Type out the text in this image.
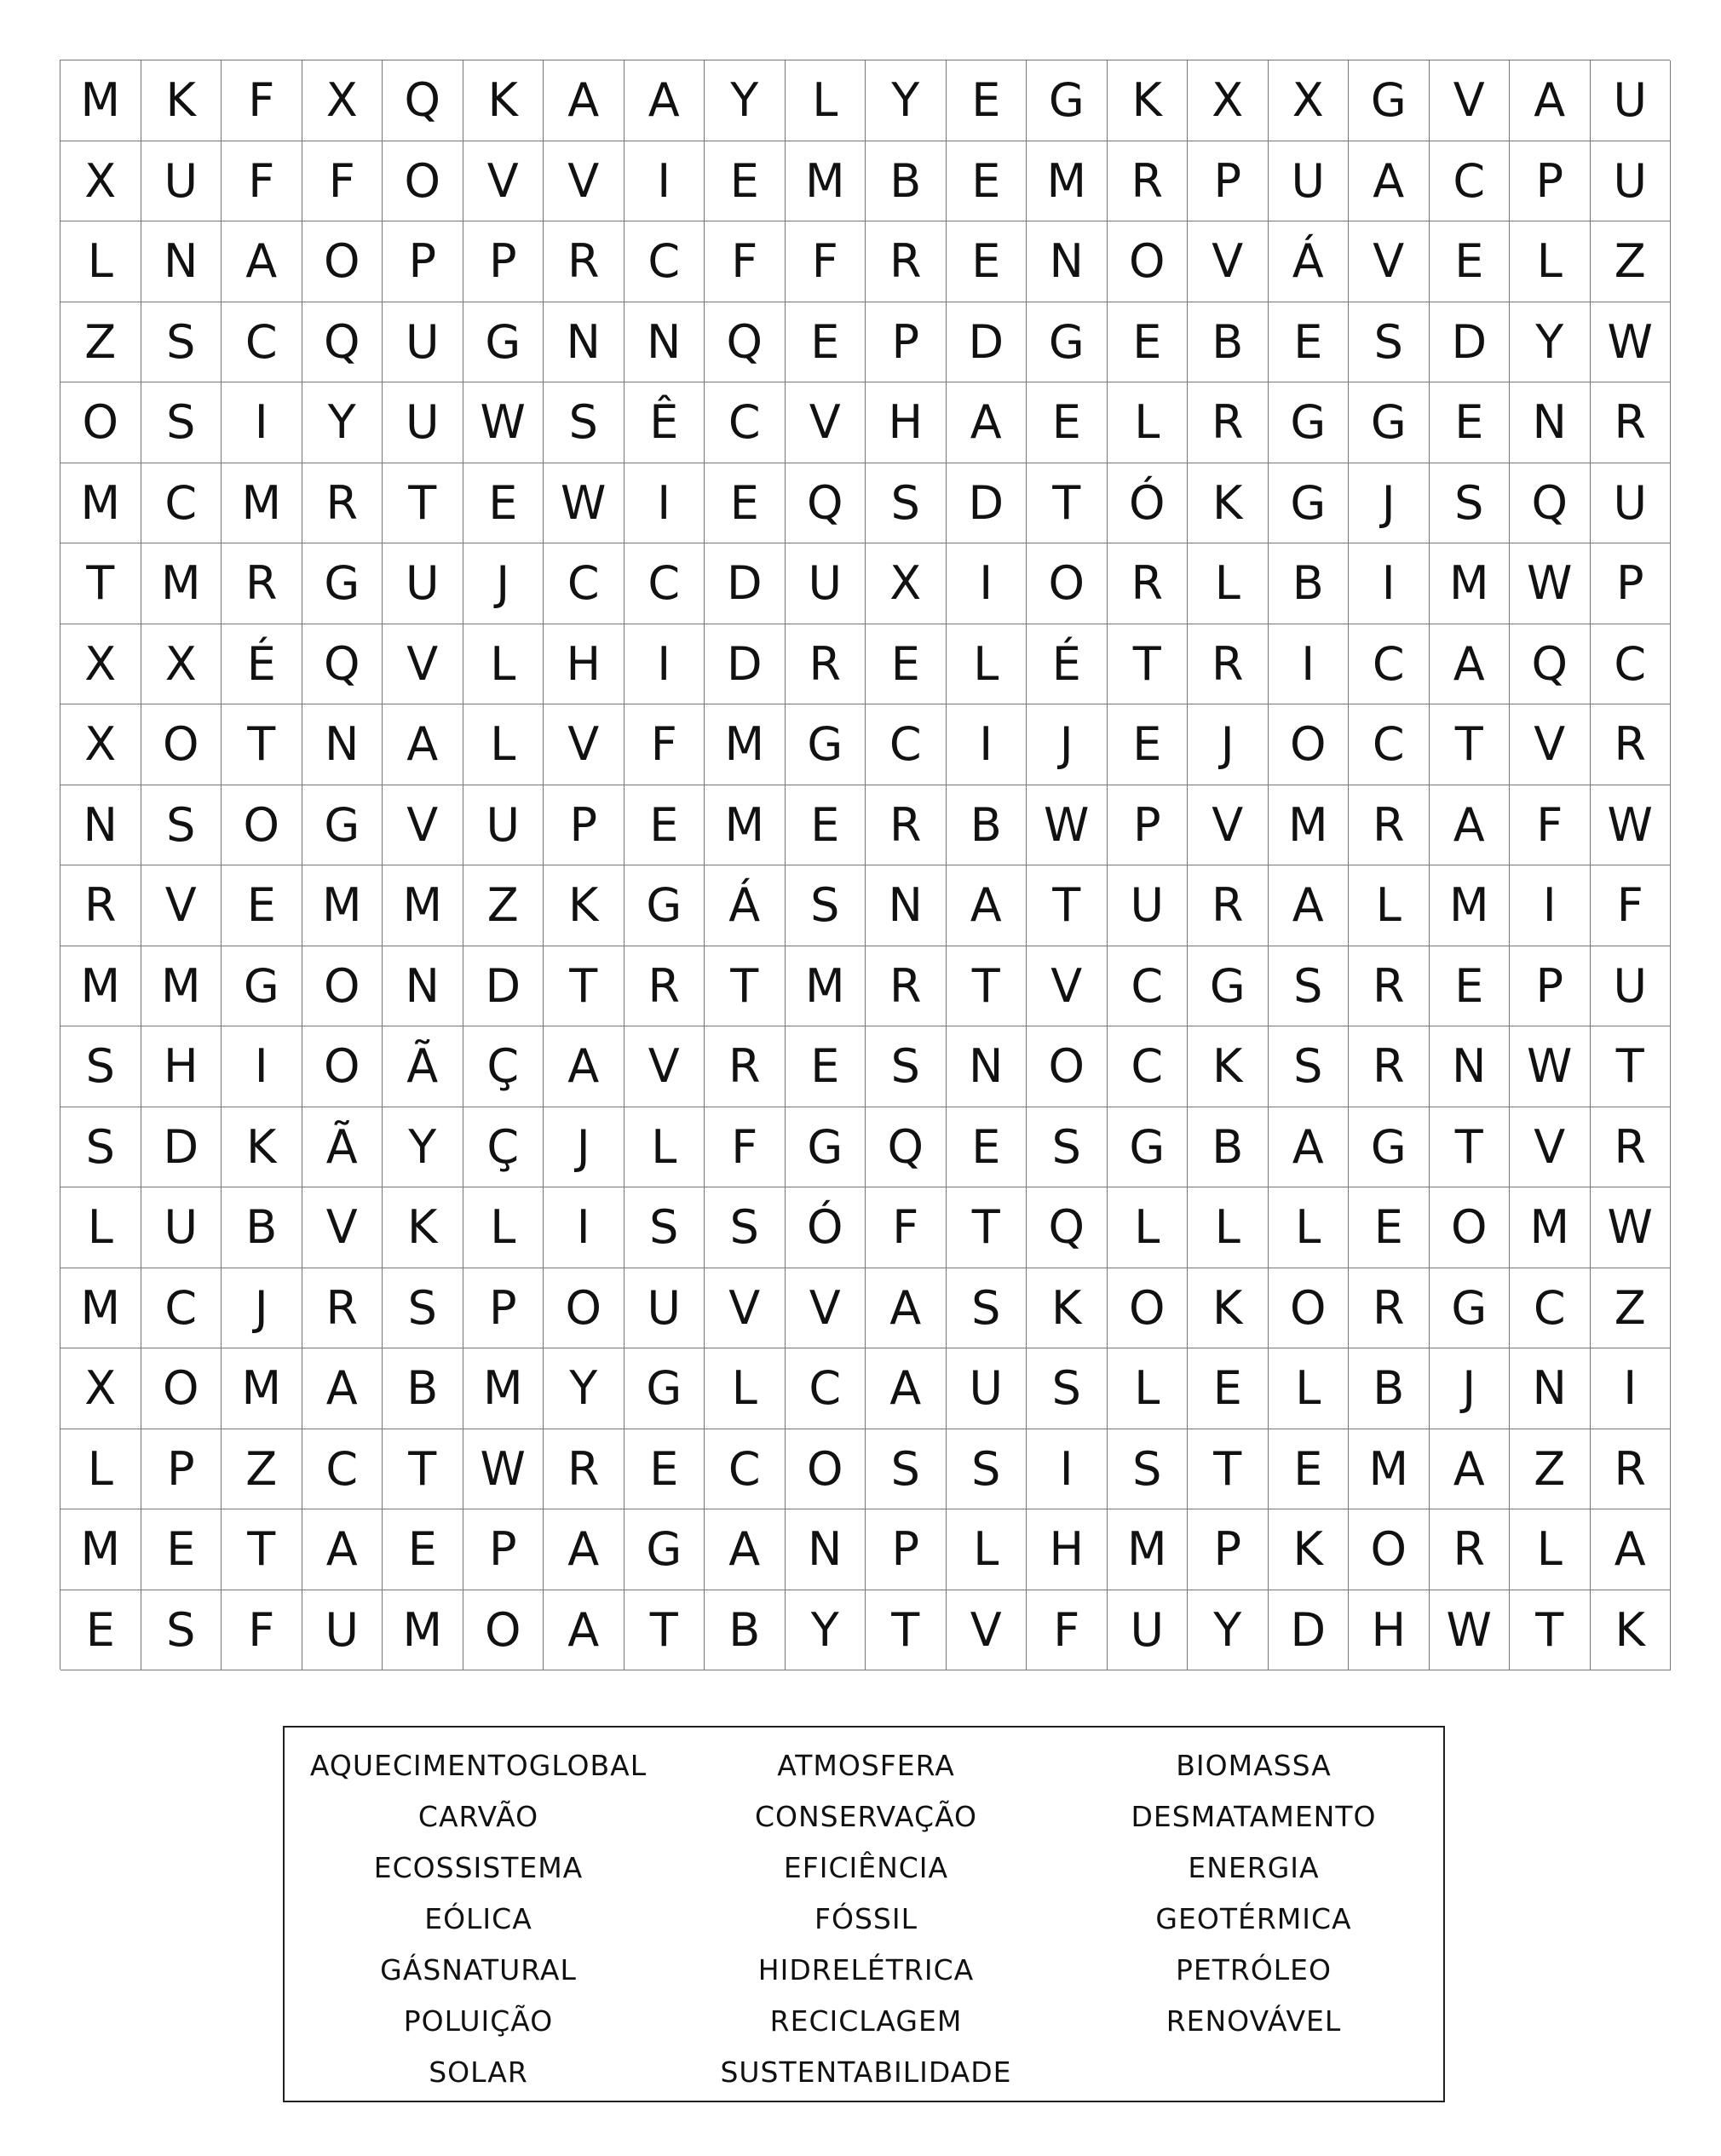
M K	F	X	Q	K	A	A	Y	L	Y	E	G	K	X	X	G	V	A	U
X	U	F	F	O	V	V	I	E	M B	E	M R	P	U	A	C	P	U
L	N	A	O	P	P	R	C	F	F	R	E	N O	V	Á	V	E	L	Z
Z	S	C	Q U G N	N Q	E	P	D G	E	B	E	S	D	Y W
O	S	I	Y	U W S	Ê	C	V	H	A	E	L	R	G G	E	N	R
M C M R	T	E W	I	E	Q	S	D	T	Ó	K	G	J	S	Q U
T	M R	G U	J	C	C	D U	X	I	O	R	L	B	I	M W P
X	X	É	Q	V	L	H	I	D	R	E	L	É	T	R	I	C	A	Q	C
X	O	T	N	A	L	V	F	M G	C	I	J	E	J	O	C	T	V	R
N	S	O G	V	U	P	E	M	E	R	B W P	V M R	A	F W
R	V	E	M M Z	K	G	Á	S	N	A	T	U	R	A	L	M	I	F
M M G O N D	T	R	T	M R	T	V	C	G	S	R	E	P	U
S	H	I	O	Ã	Ç	A	V	R	E	S	N O	C	K	S	R	N W T
S	D	K	Ã	Y	Ç	J	L	F	G Q	E	S	G	B	A	G	T	V	R
L	U	B	V	K	L	I	S	S	Ó	F	T	Q	L	L	L	E	O M W
M C	J	R	S	P	O U	V	V	A	S	K	O	K	O	R	G	C	Z
X	O M A	B M	Y	G	L	C	A	U	S	L	E	L	B	J	N	I
L	P	Z	C	T W R	E	C	O	S	S	I	S	T	E	M A	Z	R
M	E	T	A	E	P	A	G	A	N	P	L	H M	P	K	O	R	L	A
E	S	F	U M O	A	T	B	Y	T	V	F	U	Y	D H W T	K
AQUECIMENTOGLOBAL	ATMOSFERA	BIOMASSA
CARVÃO	CONSERVAÇÃO	DESMATAMENTO
ECOSSISTEMA	EFICIÊNCIA	ENERGIA
EÓLICA	FÓSSIL	GEOTÉRMICA
GÁSNATURAL	HIDRELÉTRICA	PETRÓLEO
POLUIÇÃO	RECICLAGEM	RENOVÁVEL
SOLAR	SUSTENTABILIDADE
